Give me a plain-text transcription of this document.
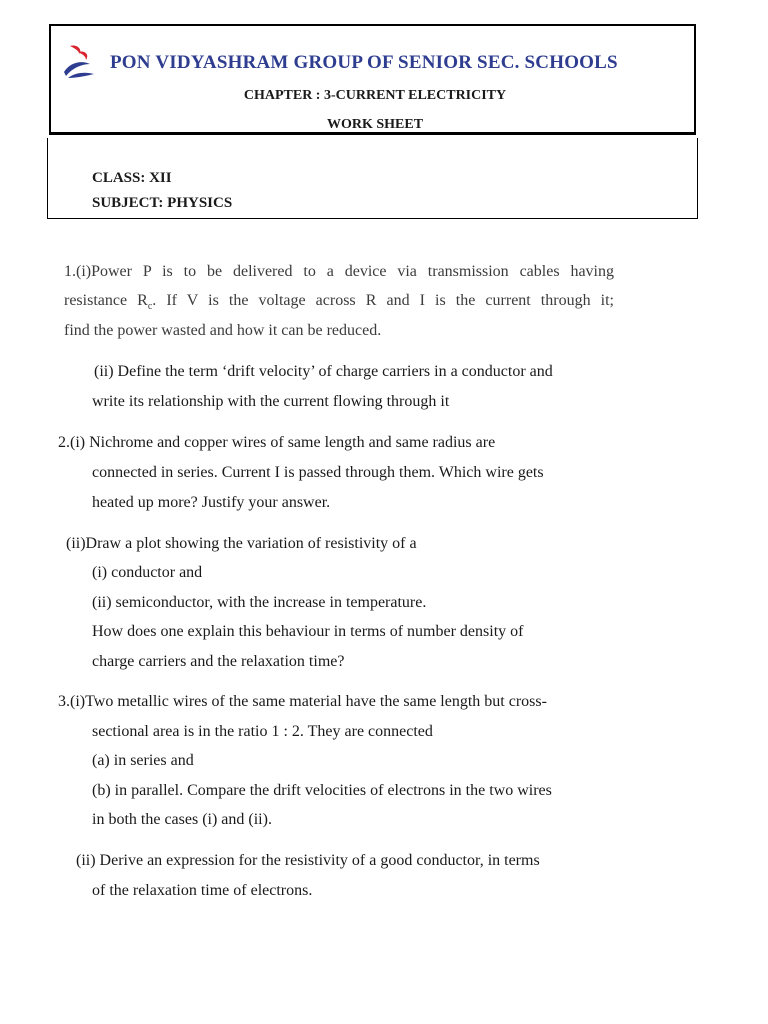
PON VIDYASHRAM GROUP OF SENIOR SEC. SCHOOLS
CHAPTER : 3-CURRENT ELECTRICITY
WORK SHEET
CLASS: XII
SUBJECT: PHYSICS
1.(i)Power P is to be delivered to a device via transmission cables having
resistance $R_c$. If V is the voltage across R and I is the current through it;
find the power wasted and how it can be reduced.
(ii) Define the term ‘drift velocity’ of charge carriers in a conductor and
write its relationship with the current flowing through it
2.(i) Nichrome and copper wires of same length and same radius are
connected in series. Current I is passed through them. Which wire gets
heated up more? Justify your answer.
(ii)Draw a plot showing the variation of resistivity of a
(i) conductor and
(ii) semiconductor, with the increase in temperature.
How does one explain this behaviour in terms of number density of
charge carriers and the relaxation time?
3.(i)Two metallic wires of the same material have the same length but cross-
sectional area is in the ratio 1 : 2. They are connected
(a) in series and
(b) in parallel. Compare the drift velocities of electrons in the two wires
in both the cases (i) and (ii).
(ii) Derive an expression for the resistivity of a good conductor, in terms
of the relaxation time of electrons.
